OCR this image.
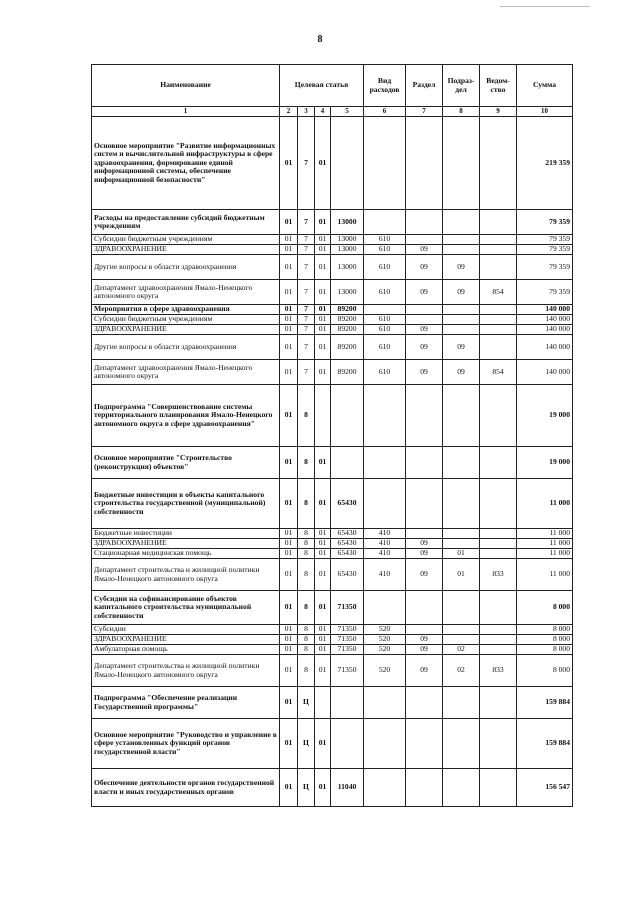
8
Наименование	Целевая статья				Вид расходов	Раздел	Подраз-дел	Ведом-ство	Сумма
1	2	3	4	5	6	7	8	9	10
Основное мероприятие "Развитие информационных систем и вычислительной инфраструктуры в сфере здравоохранения, формирование единой информационной системы, обеспечение информационной безопасности"	01	7	01						219 359
Расходы на предоставление субсидий бюджетным учреждениям	01	7	01	13000					79 359
Субсидии бюджетным учреждениям	01	7	01	13000	610				79 359
ЗДРАВООХРАНЕНИЕ	01	7	01	13000	610	09			79 359
Другие вопросы в области здравоохранения	01	7	01	13000	610	09	09		79 359
Департамент здравоохранения Ямало-Ненецкого автономного округа	01	7	01	13000	610	09	09	854	79 359
Мероприятия в сфере здравоохранения	01	7	01	89200					140 000
Субсидии бюджетным учреждениям	01	7	01	89200	610				140 000
ЗДРАВООХРАНЕНИЕ	01	7	01	89200	610	09			140 000
Другие вопросы в области здравоохранения	01	7	01	89200	610	09	09		140 000
Департамент здравоохранения Ямало-Ненецкого автономного округа	01	7	01	89200	610	09	09	854	140 000
Подпрограмма "Совершенствование системы территориального планирования Ямало-Ненецкого автономного округа в сфере здравоохранения"	01	8							19 000
Основное мероприятие "Строительство (реконструкция) объектов"	01	8	01						19 000
Бюджетные инвестиции в объекты капитального строительства государственной (муниципальной) собственности	01	8	01	65430					11 000
Бюджетные инвестиции	01	8	01	65430	410				11 000
ЗДРАВООХРАНЕНИЕ	01	8	01	65430	410	09			11 000
Стационарная медицинская помощь	01	8	01	65430	410	09	01		11 000
Департамент строительства и жилищной политики Ямало-Ненецкого автономного округа	01	8	01	65430	410	09	01	833	11 000
Субсидии на софинансирование объектов капитального строительства муниципальной собственности	01	8	01	71350					8 000
Субсидии	01	8	01	71350	520				8 000
ЗДРАВООХРАНЕНИЕ	01	8	01	71350	520	09			8 000
Амбулаторная помощь	01	8	01	71350	520	09	02		8 000
Департамент строительства и жилищной политики Ямало-Ненецкого автономного округа	01	8	01	71350	520	09	02	833	8 000
Подпрограмма "Обеспечение реализации Государственной программы"	01	Ц							159 884
Основное мероприятие "Руководство и управление в сфере установленных функций органов государственной власти"	01	Ц	01						159 884
Обеспечение деятельности органов государственной власти и иных государственных органов	01	Ц	01	11040					156 547
